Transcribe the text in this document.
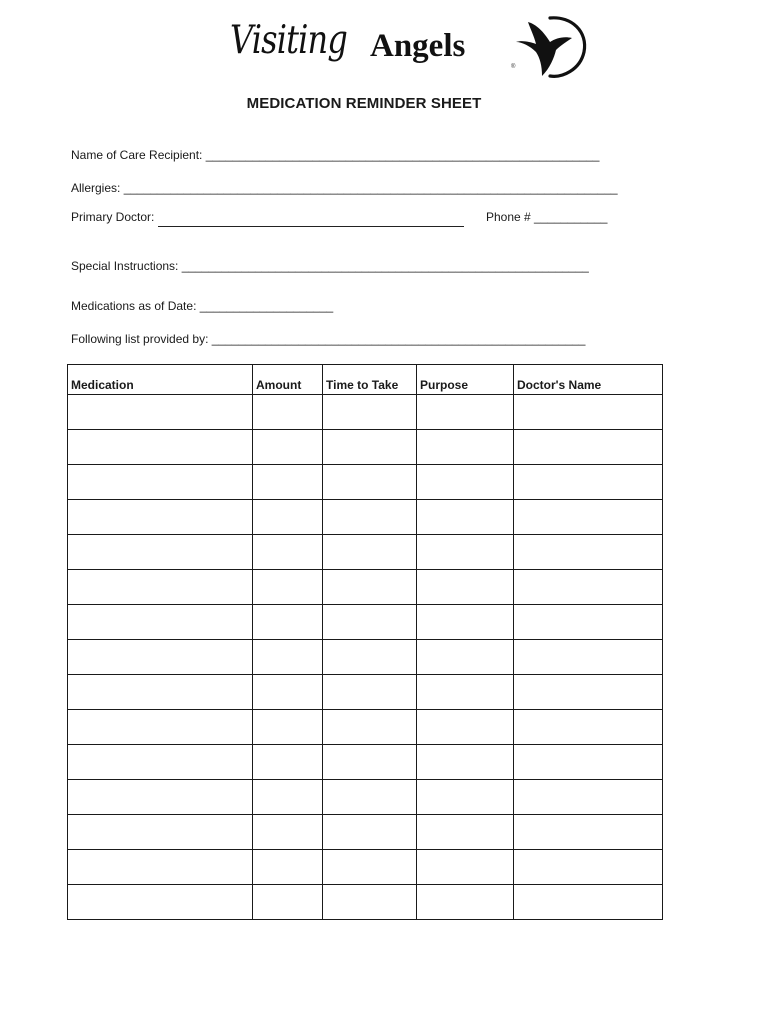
Visiting Angels
®
MEDICATION REMINDER SHEET
Name of Care Recipient: ___________________________________________________________
Allergies: __________________________________________________________________________
Primary Doctor:	Phone # ___________
Special Instructions: _____________________________________________________________
Medications as of Date: ____________________
Following list provided by: ________________________________________________________
Medication	Amount	Time to Take	Purpose	Doctor's Name
